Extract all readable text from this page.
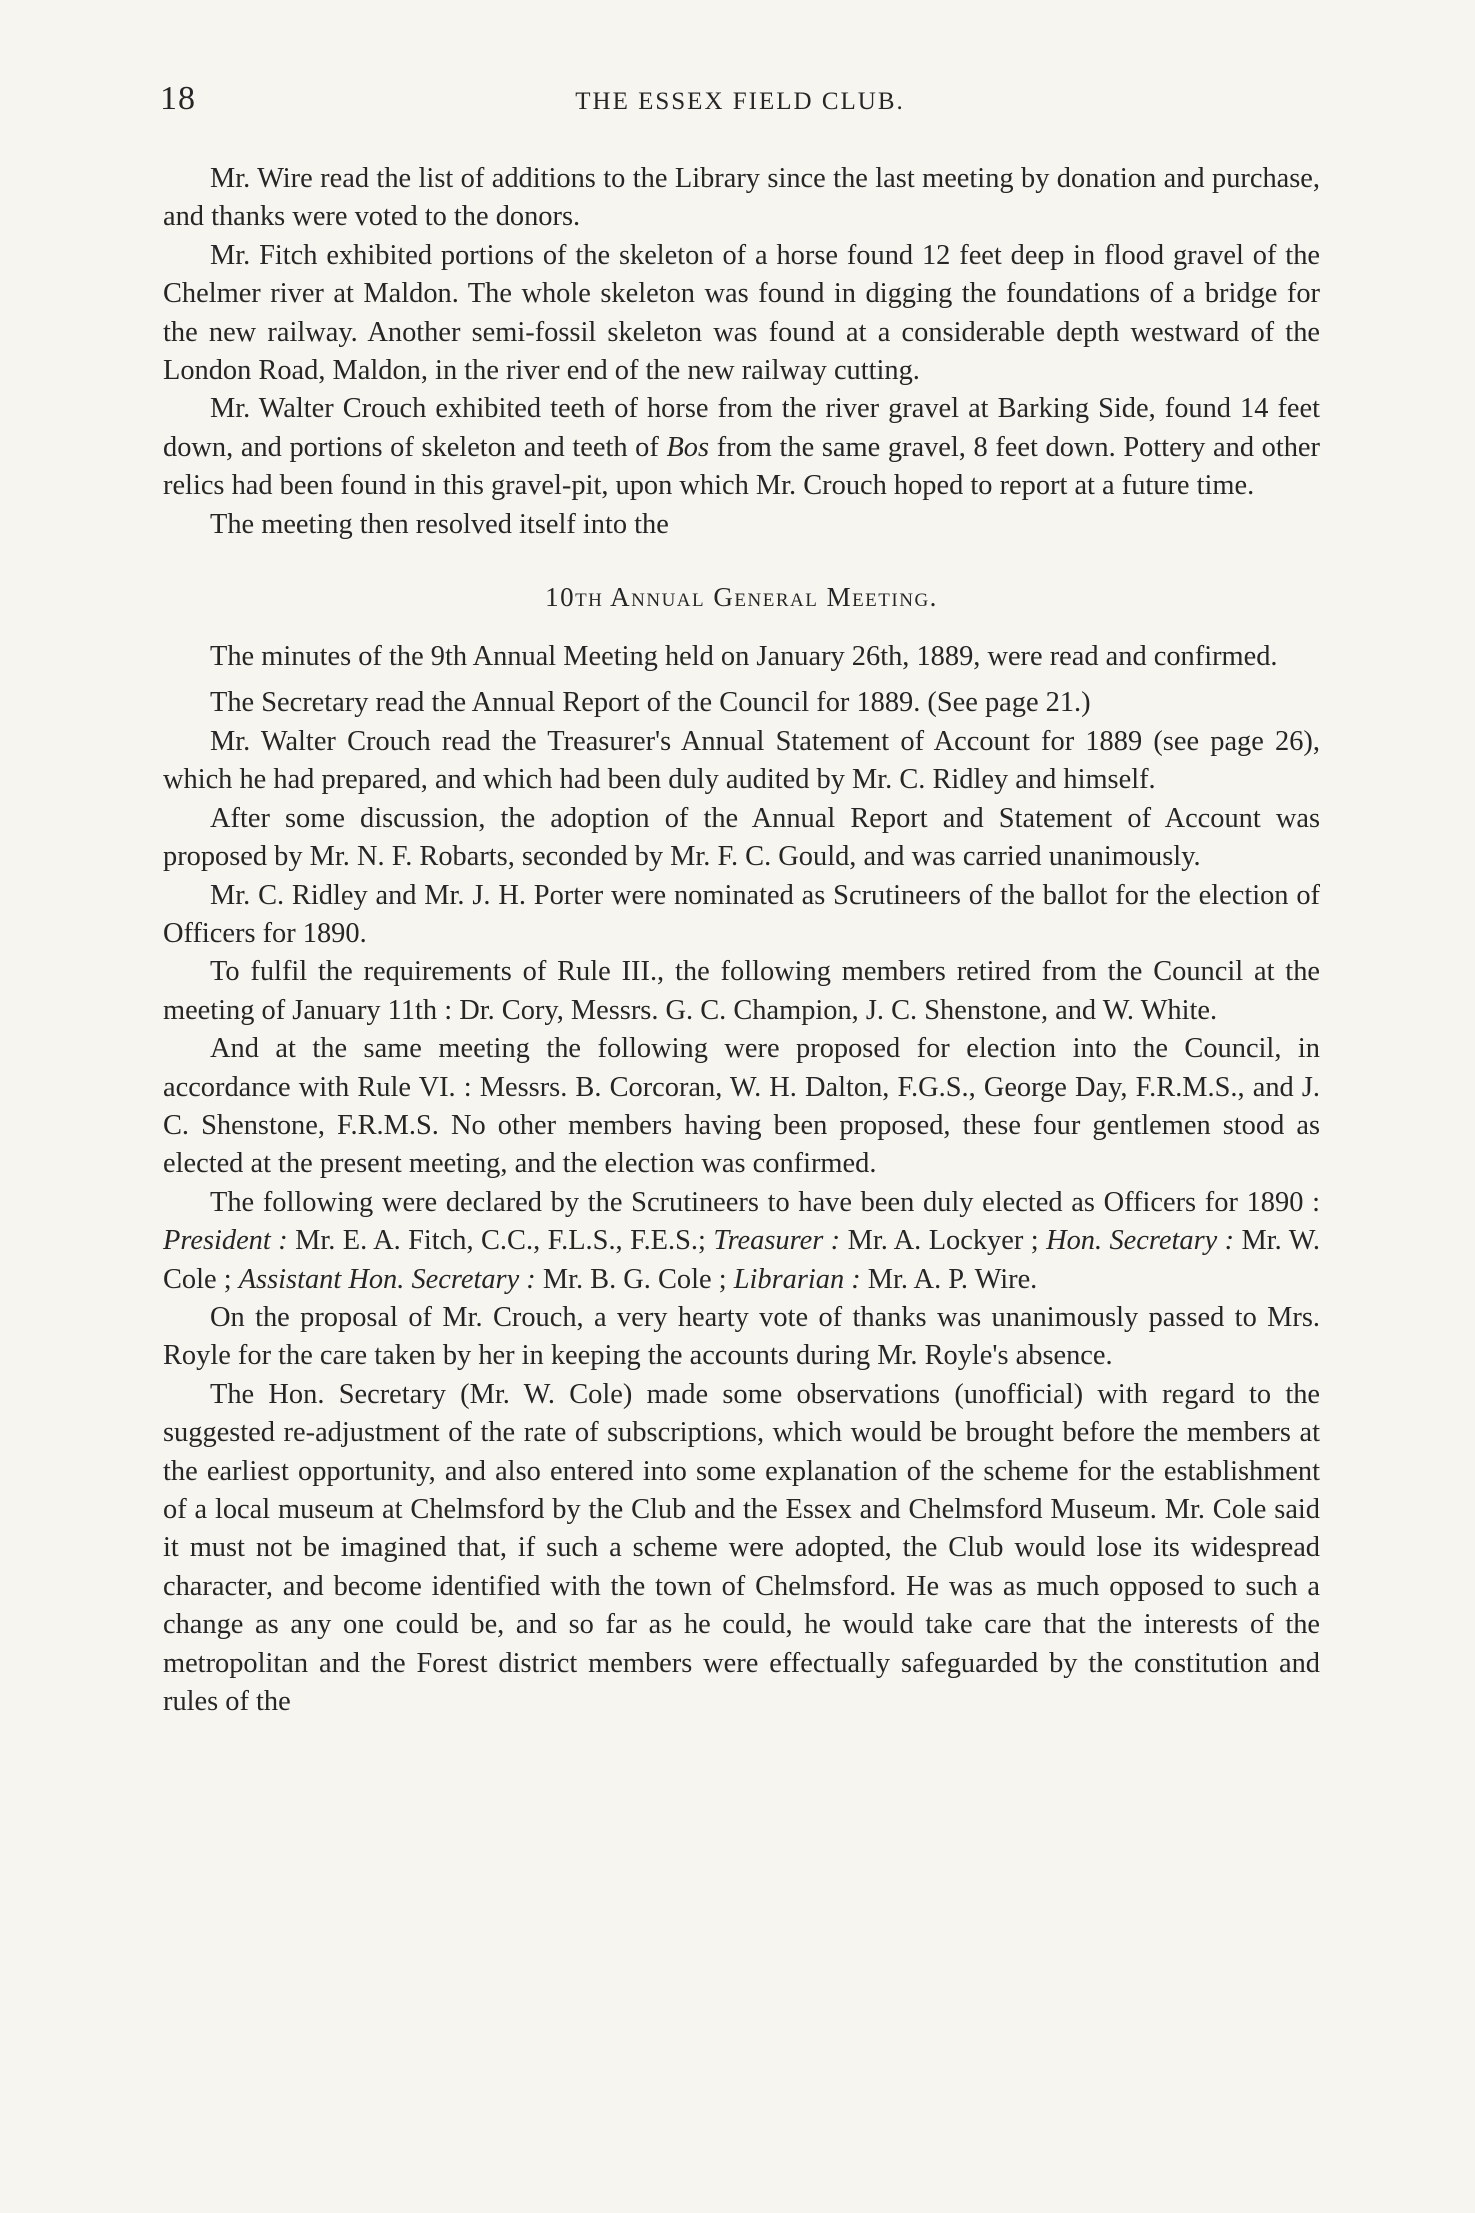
18	THE ESSEX FIELD CLUB.

Mr. Wire read the list of additions to the Library since the last meeting by donation and purchase, and thanks were voted to the donors.

Mr. Fitch exhibited portions of the skeleton of a horse found 12 feet deep in flood gravel of the Chelmer river at Maldon. The whole skeleton was found in digging the foundations of a bridge for the new railway. Another semi-fossil skeleton was found at a considerable depth westward of the London Road, Maldon, in the river end of the new railway cutting.

Mr. Walter Crouch exhibited teeth of horse from the river gravel at Barking Side, found 14 feet down, and portions of skeleton and teeth of Bos from the same gravel, 8 feet down. Pottery and other relics had been found in this gravel-pit, upon which Mr. Crouch hoped to report at a future time.

The meeting then resolved itself into the

10th Annual General Meeting.

The minutes of the 9th Annual Meeting held on January 26th, 1889, were read and confirmed.

The Secretary read the Annual Report of the Council for 1889. (See page 21.)

Mr. Walter Crouch read the Treasurer's Annual Statement of Account for 1889 (see page 26), which he had prepared, and which had been duly audited by Mr. C. Ridley and himself.

After some discussion, the adoption of the Annual Report and Statement of Account was proposed by Mr. N. F. Robarts, seconded by Mr. F. C. Gould, and was carried unanimously.

Mr. C. Ridley and Mr. J. H. Porter were nominated as Scrutineers of the ballot for the election of Officers for 1890.

To fulfil the requirements of Rule III., the following members retired from the Council at the meeting of January 11th : Dr. Cory, Messrs. G. C. Champion, J. C. Shenstone, and W. White.

And at the same meeting the following were proposed for election into the Council, in accordance with Rule VI. : Messrs. B. Corcoran, W. H. Dalton, F.G.S., George Day, F.R.M.S., and J. C. Shenstone, F.R.M.S. No other members having been proposed, these four gentlemen stood as elected at the present meeting, and the election was confirmed.

The following were declared by the Scrutineers to have been duly elected as Officers for 1890 : President : Mr. E. A. Fitch, C.C., F.L.S., F.E.S.; Treasurer : Mr. A. Lockyer ; Hon. Secretary : Mr. W. Cole ; Assistant Hon. Secretary : Mr. B. G. Cole ; Librarian : Mr. A. P. Wire.

On the proposal of Mr. Crouch, a very hearty vote of thanks was unanimously passed to Mrs. Royle for the care taken by her in keeping the accounts during Mr. Royle's absence.

The Hon. Secretary (Mr. W. Cole) made some observations (unofficial) with regard to the suggested re-adjustment of the rate of subscriptions, which would be brought before the members at the earliest opportunity, and also entered into some explanation of the scheme for the establishment of a local museum at Chelmsford by the Club and the Essex and Chelmsford Museum. Mr. Cole said it must not be imagined that, if such a scheme were adopted, the Club would lose its widespread character, and become identified with the town of Chelmsford. He was as much opposed to such a change as any one could be, and so far as he could, he would take care that the interests of the metropolitan and the Forest district members were effectually safeguarded by the constitution and rules of the
